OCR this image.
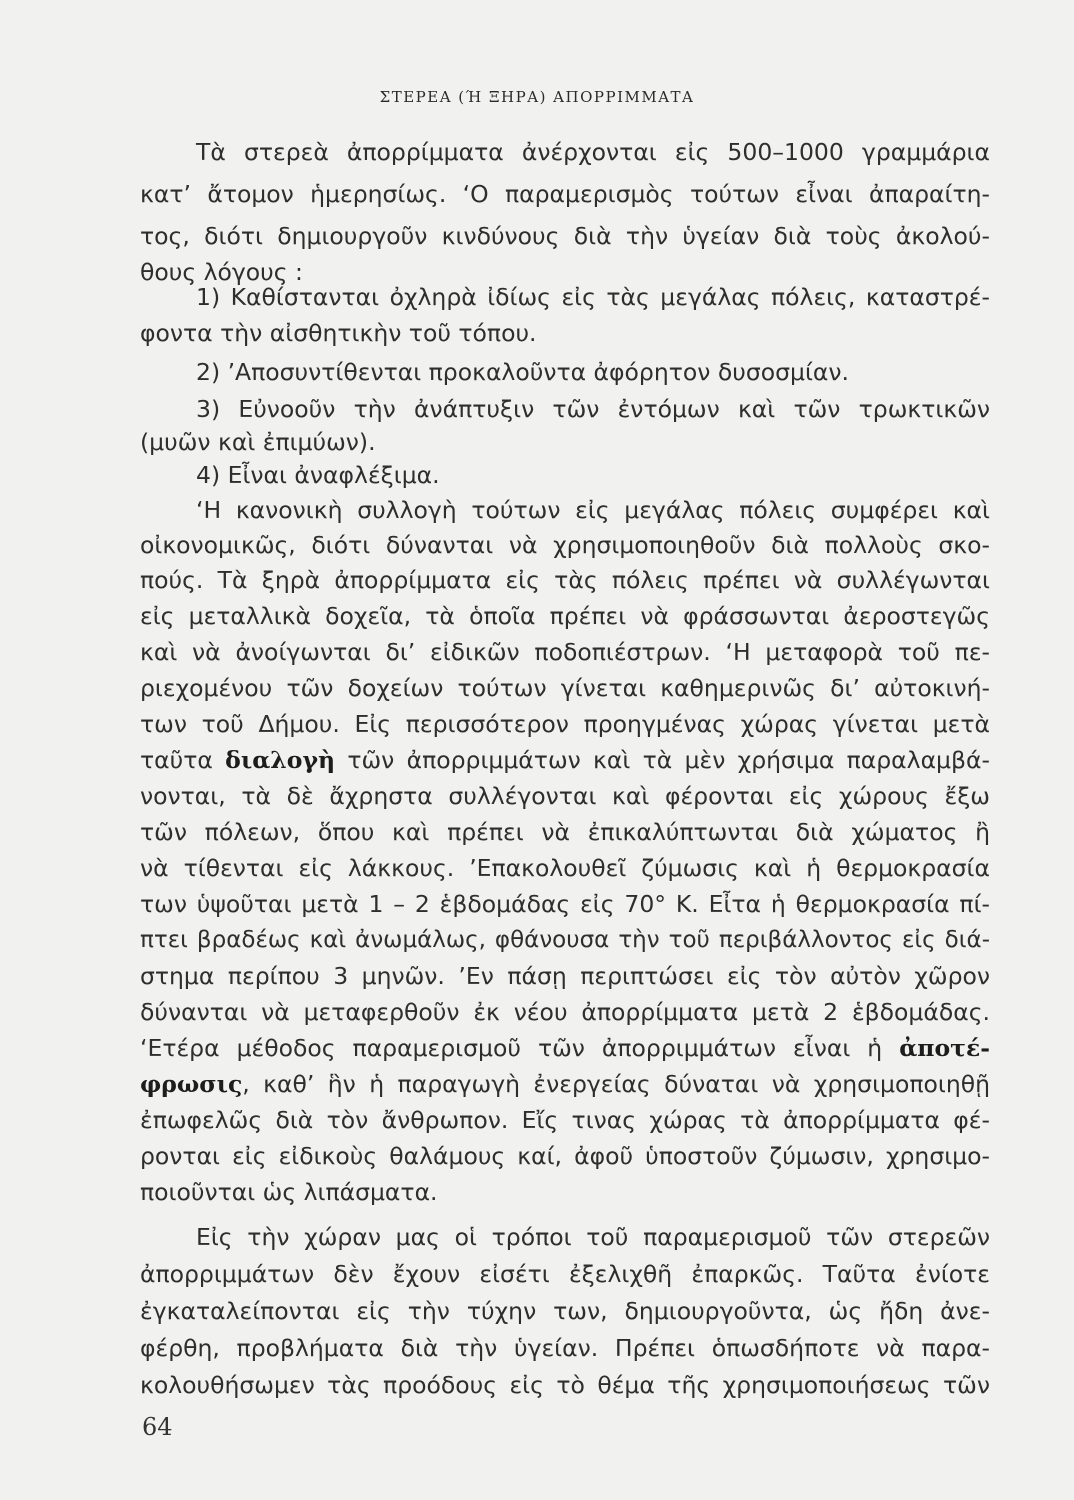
ΣΤΕΡΕΑ (Ή ΞΗΡΑ) ΑΠΟΡΡΙΜΜΑΤΑ
Τὰ στερεὰ ἀπορρίμματα ἀνέρχονται εἰς 500–1000 γραμμάρια
κατ’ ἄτομον ἡμερησίως. ‘Ο παραμερισμὸς τούτων εἶναι ἀπαραίτη-
τος, διότι δημιουργοῦν κινδύνους διὰ τὴν ὑγείαν διὰ τοὺς ἀκολού-
θους λόγους :
1) Καθίστανται ὀχληρὰ ἰδίως εἰς τὰς μεγάλας πόλεις, καταστρέ-
φοντα τὴν αἰσθητικὴν τοῦ τόπου.
2) ’Αποσυντίθενται προκαλοῦντα ἀφόρητον δυσοσμίαν.
3) Εὐνοοῦν τὴν ἀνάπτυξιν τῶν ἐντόμων καὶ τῶν τρωκτικῶν
(μυῶν καὶ ἐπιμύων).
4) Εἶναι ἀναφλέξιμα.
‘Η κανονικὴ συλλογὴ τούτων εἰς μεγάλας πόλεις συμφέρει καὶ
οἰκονομικῶς, διότι δύνανται νὰ χρησιμοποιηθοῦν διὰ πολλοὺς σκο-
πούς. Τὰ ξηρὰ ἀπορρίμματα εἰς τὰς πόλεις πρέπει νὰ συλλέγωνται
εἰς μεταλλικὰ δοχεῖα, τὰ ὁποῖα πρέπει νὰ φράσσωνται ἀεροστεγῶς
καὶ νὰ ἀνοίγωνται δι’ εἰδικῶν ποδοπιέστρων. ‘Η μεταφορὰ τοῦ πε-
ριεχομένου τῶν δοχείων τούτων γίνεται καθημερινῶς δι’ αὐτοκινή-
των τοῦ Δήμου. Εἰς περισσότερον προηγμένας χώρας γίνεται μετὰ
ταῦτα διαλογὴ τῶν ἀπορριμμάτων καὶ τὰ μὲν χρήσιμα παραλαμβά-
νονται, τὰ δὲ ἄχρηστα συλλέγονται καὶ φέρονται εἰς χώρους ἔξω
τῶν πόλεων, ὅπου καὶ πρέπει νὰ ἐπικαλύπτωνται διὰ χώματος ἢ
νὰ τίθενται εἰς λάκκους. ’Επακολουθεῖ ζύμωσις καὶ ἡ θερμοκρασία
των ὑψοῦται μετὰ 1 – 2 ἑβδομάδας εἰς 70° Κ. Εἶτα ἡ θερμοκρασία πί-
πτει βραδέως καὶ ἀνωμάλως, φθάνουσα τὴν τοῦ περιβάλλοντος εἰς διά-
στημα περίπου 3 μηνῶν. ’Εν πάσῃ περιπτώσει εἰς τὸν αὐτὸν χῶρον
δύνανται νὰ μεταφερθοῦν ἐκ νέου ἀπορρίμματα μετὰ 2 ἑβδομάδας.
‘Ετέρα μέθοδος παραμερισμοῦ τῶν ἀπορριμμάτων εἶναι ἡ ἀποτέ-
φρωσις, καθ’ ἣν ἡ παραγωγὴ ἐνεργείας δύναται νὰ χρησιμοποιηθῇ
ἐπωφελῶς διὰ τὸν ἄνθρωπον. Εἴς τινας χώρας τὰ ἀπορρίμματα φέ-
ρονται εἰς εἰδικοὺς θαλάμους καί, ἀφοῦ ὑποστοῦν ζύμωσιν, χρησιμο-
ποιοῦνται ὡς λιπάσματα.
Εἰς τὴν χώραν μας οἱ τρόποι τοῦ παραμερισμοῦ τῶν στερεῶν
ἀπορριμμάτων δὲν ἔχουν εἰσέτι ἐξελιχθῆ ἐπαρκῶς. Ταῦτα ἐνίοτε
ἐγκαταλείπονται εἰς τὴν τύχην των, δημιουργοῦντα, ὡς ἤδη ἀνε-
φέρθη, προβλήματα διὰ τὴν ὑγείαν. Πρέπει ὁπωσδήποτε νὰ παρα-
κολουθήσωμεν τὰς προόδους εἰς τὸ θέμα τῆς χρησιμοποιήσεως τῶν
64
